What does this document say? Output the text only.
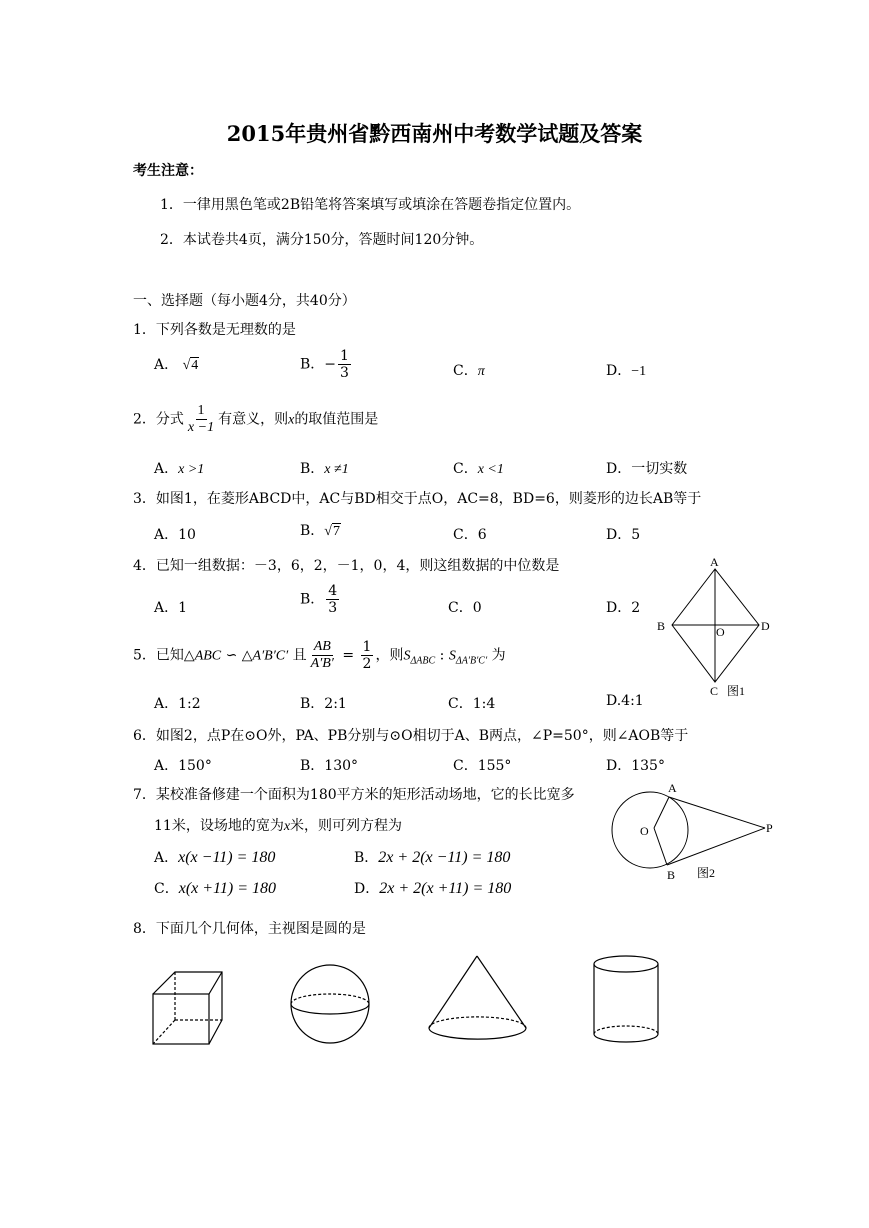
2015年贵州省黔西南州中考数学试题及答案
考生注意：
1．一律用黑色笔或2B铅笔将答案填写或填涂在答题卷指定位置内。
2．本试卷共4页，满分150分，答题时间120分钟。
一、选择题（每小题4分，共40分）
1．下列各数是无理数的是
A． √ 4	B．− $\frac{1}{3}$	C．π	D．−1
2．分式 $\frac{1}{x -1}$ 有意义，则x的取值范围是
A．x >1	B．x ≠1	C．x <1	D．一切实数
3．如图1，在菱形ABCD中，AC与BD相交于点O，AC=8，BD=6，则菱形的边长AB等于
A．10	B．√ 7	C．6	D．5
4．已知一组数据：－3，6，2，－1，0，4，则这组数据的中位数是
A．1
B． $\frac{4}{3}$	C．0	D．2
A
B	O	D
C 图1
5．已知△ABC ∽ △A′B′C′ 且 $\frac{AB}{A'B'} = \frac{1}{2}$ ，则$S_{\Delta ABC}$ : $S_{\Delta A'B'C'}$ 为
A．1:2	B．2:1	C．1:4	D.4:1
6．如图2，点P在⊙O外，PA、PB分别与⊙O相切于A、B两点，∠P=50°，则∠AOB等于
A．150°	B．130°	C．155°	D．135°
7．某校准备修建一个面积为180平方米的矩形活动场地，它的长比宽多
11米，设场地的宽为x米，则可列方程为
A．x(x −11) = 180	B．2x + 2(x −11) = 180
C．x(x +11) = 180	D．2x + 2(x +11) = 180
A
O	P
B 图2
8．下面几个几何体，主视图是圆的是
